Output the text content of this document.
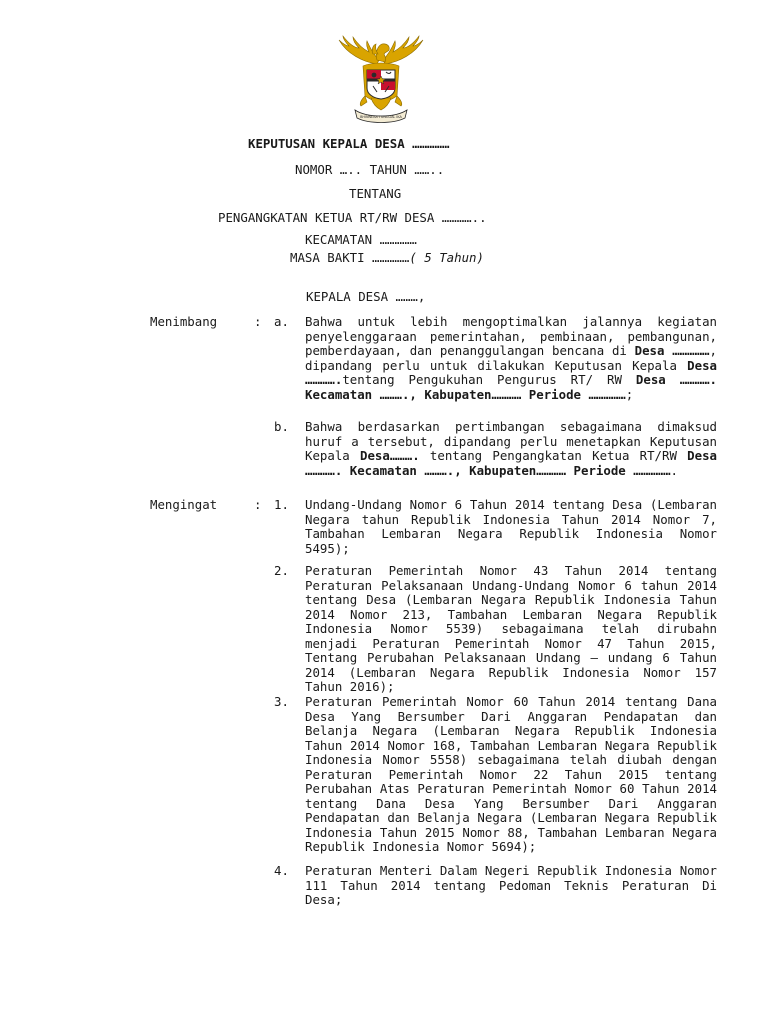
BHINNEKA TUNGGAL IKA
KEPUTUSAN KEPALA DESA ……………
NOMOR ….. TAHUN ……..
TENTANG
PENGANGKATAN KETUA RT/RW DESA …………..
KECAMATAN ……………
MASA BAKTI ……………( 5 Tahun)
KEPALA DESA ………,
Menimbang	: a. Bahwa untuk lebih mengoptimalkan jalannya kegiatan penyelenggaraan pemerintahan, pembinaan, pembangunan, pemberdayaan, dan penanggulangan bencana di Desa ……………, dipandang perlu untuk dilakukan Keputusan Kepala Desa ………….tentang Pengukuhan Pengurus RT/ RW Desa …………. Kecamatan ………., Kabupaten………… Periode ……………;
b. Bahwa berdasarkan pertimbangan sebagaimana dimaksud huruf a tersebut, dipandang perlu menetapkan Keputusan Kepala Desa………. tentang Pengangkatan Ketua RT/RW Desa …………. Kecamatan ………., Kabupaten………… Periode …………….
Mengingat	: 1. Undang-Undang Nomor 6 Tahun 2014 tentang Desa (Lembaran Negara tahun Republik Indonesia Tahun 2014 Nomor 7, Tambahan Lembaran Negara Republik Indonesia Nomor 5495);
2. Peraturan Pemerintah Nomor 43 Tahun 2014 tentang Peraturan Pelaksanaan Undang-Undang Nomor 6 tahun 2014 tentang Desa (Lembaran Negara Republik Indonesia Tahun 2014 Nomor 213, Tambahan Lembaran Negara Republik Indonesia Nomor 5539) sebagaimana telah dirubahn menjadi Peraturan Pemerintah Nomor 47 Tahun 2015, Tentang Perubahan Pelaksanaan Undang – undang 6 Tahun 2014 (Lembaran Negara Republik Indonesia Nomor 157 Tahun 2016);
3. Peraturan Pemerintah Nomor 60 Tahun 2014 tentang Dana Desa Yang Bersumber Dari Anggaran Pendapatan dan Belanja Negara (Lembaran Negara Republik Indonesia Tahun 2014 Nomor 168, Tambahan Lembaran Negara Republik Indonesia Nomor 5558) sebagaimana telah diubah dengan Peraturan Pemerintah Nomor 22 Tahun 2015 tentang Perubahan Atas Peraturan Pemerintah Nomor 60 Tahun 2014 tentang Dana Desa Yang Bersumber Dari Anggaran Pendapatan dan Belanja Negara (Lembaran Negara Republik Indonesia Tahun 2015 Nomor 88, Tambahan Lembaran Negara Republik Indonesia Nomor 5694);
4. Peraturan Menteri Dalam Negeri Republik Indonesia Nomor 111 Tahun 2014 tentang Pedoman Teknis Peraturan Di Desa;
